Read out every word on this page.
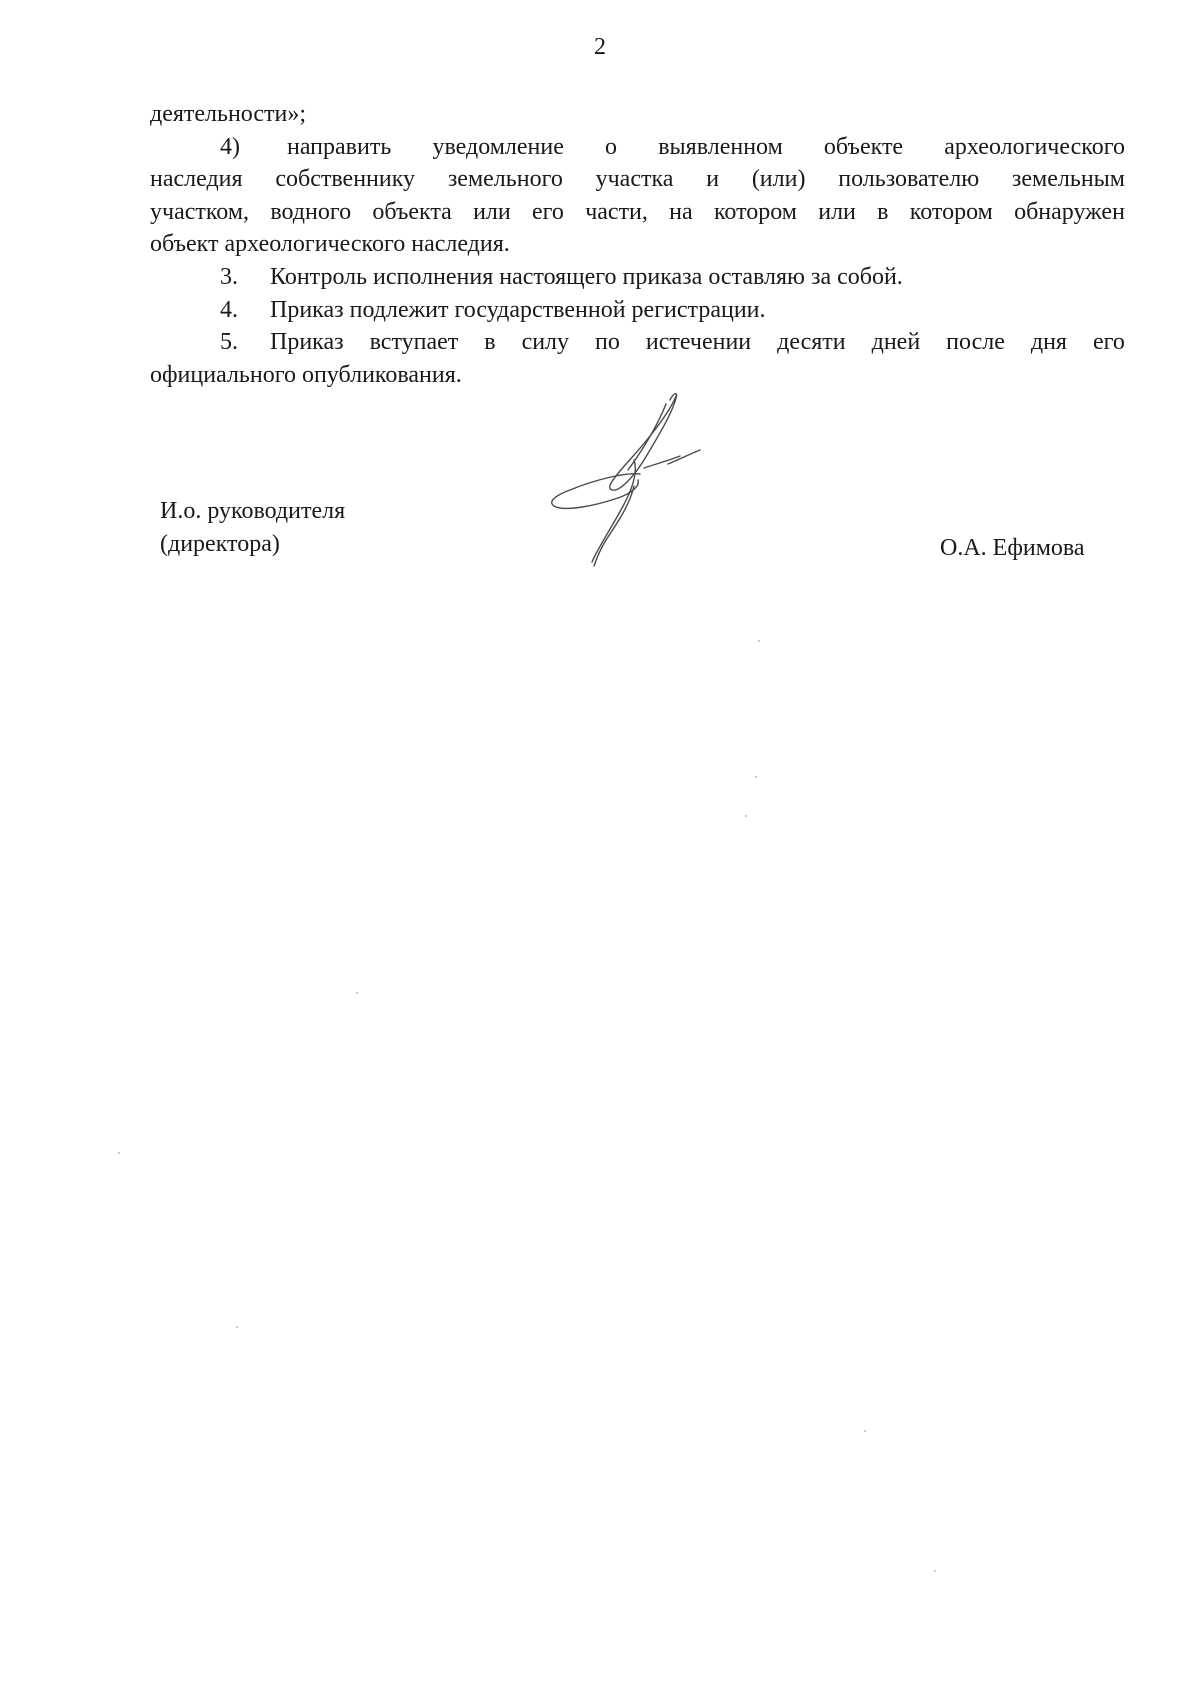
2

деятельности»;

4)	направить уведомление о выявленном объекте археологического
наследия собственнику земельного участка и (или) пользователю земельным
участком, водного объекта или его части, на котором или в котором обнаружен

объект археологического наследия.

3.	Контроль исполнения настоящего приказа оставляю за собой.
4.	Приказ подлежит государственной регистрации.
5.	Приказ вступает в силу по истечении десяти дней после дня его

официального опубликования.

И.о. руководителя
(директора)	О.А. Ефимова
